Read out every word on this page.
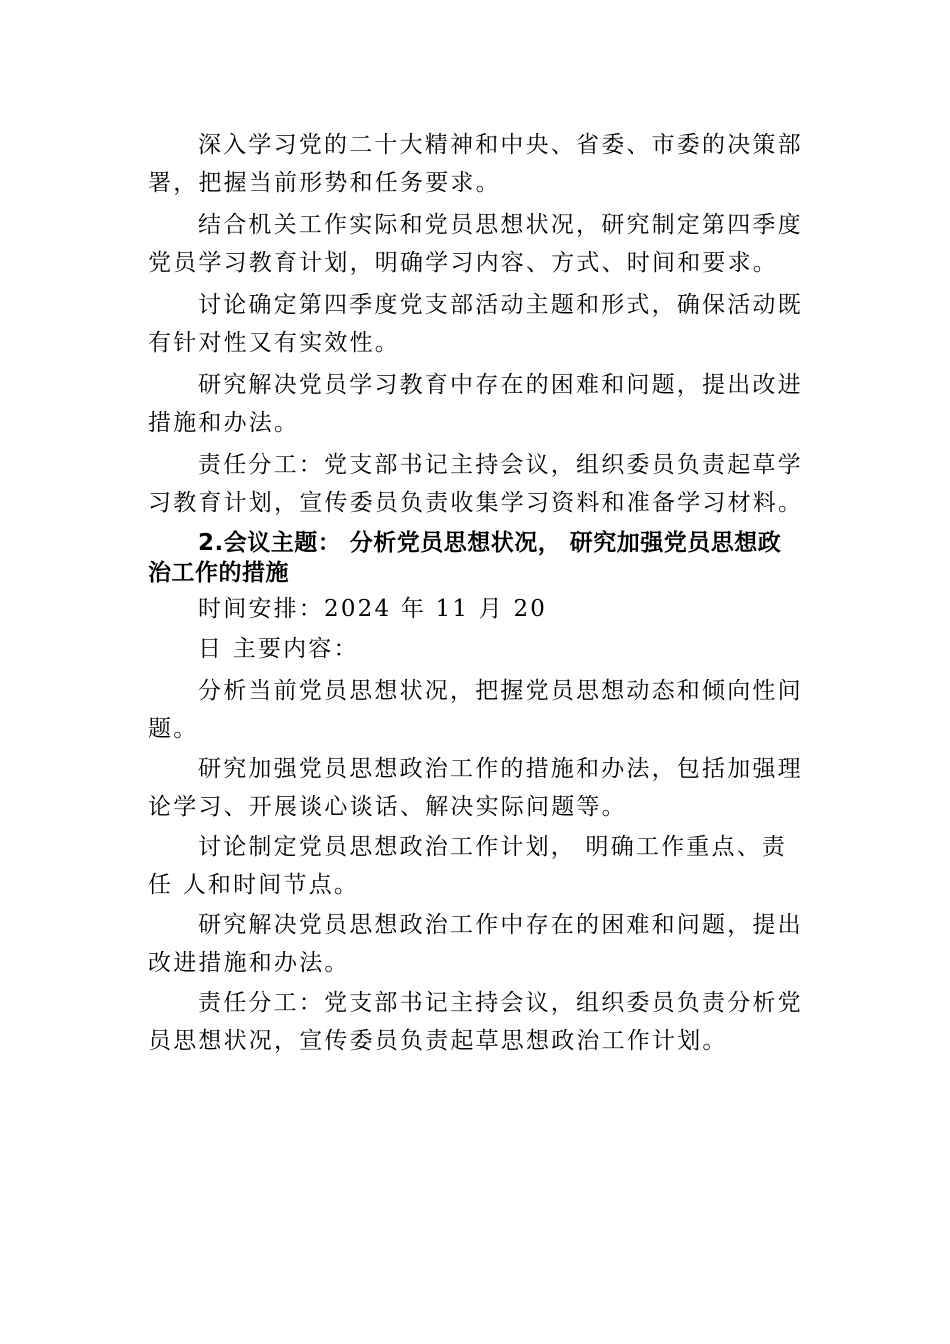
深入学习党的二十大精神和中央、省委、市委的决策部署，把握当前形势和任务要求。

结合机关工作实际和党员思想状况，研究制定第四季度党员学习教育计划，明确学习内容、方式、时间和要求。

讨论确定第四季度党支部活动主题和形式，确保活动既有针对性又有实效性。

研究解决党员学习教育中存在的困难和问题，提出改进措施和办法。

责任分工：党支部书记主持会议，组织委员负责起草学习教育计划，宣传委员负责收集学习资料和准备学习材料。

2.会议主题： 分析党员思想状况， 研究加强党员思想政 治工作的措施

时间安排：2024 年 11 月 20

日 主要内容：

分析当前党员思想状况，把握党员思想动态和倾向性问题。

研究加强党员思想政治工作的措施和办法，包括加强理论学习、开展谈心谈话、解决实际问题等。

讨论制定党员思想政治工作计划， 明确工作重点、责任 人和时间节点。

研究解决党员思想政治工作中存在的困难和问题，提出改进措施和办法。

责任分工：党支部书记主持会议，组织委员负责分析党员思想状况，宣传委员负责起草思想政治工作计划。
